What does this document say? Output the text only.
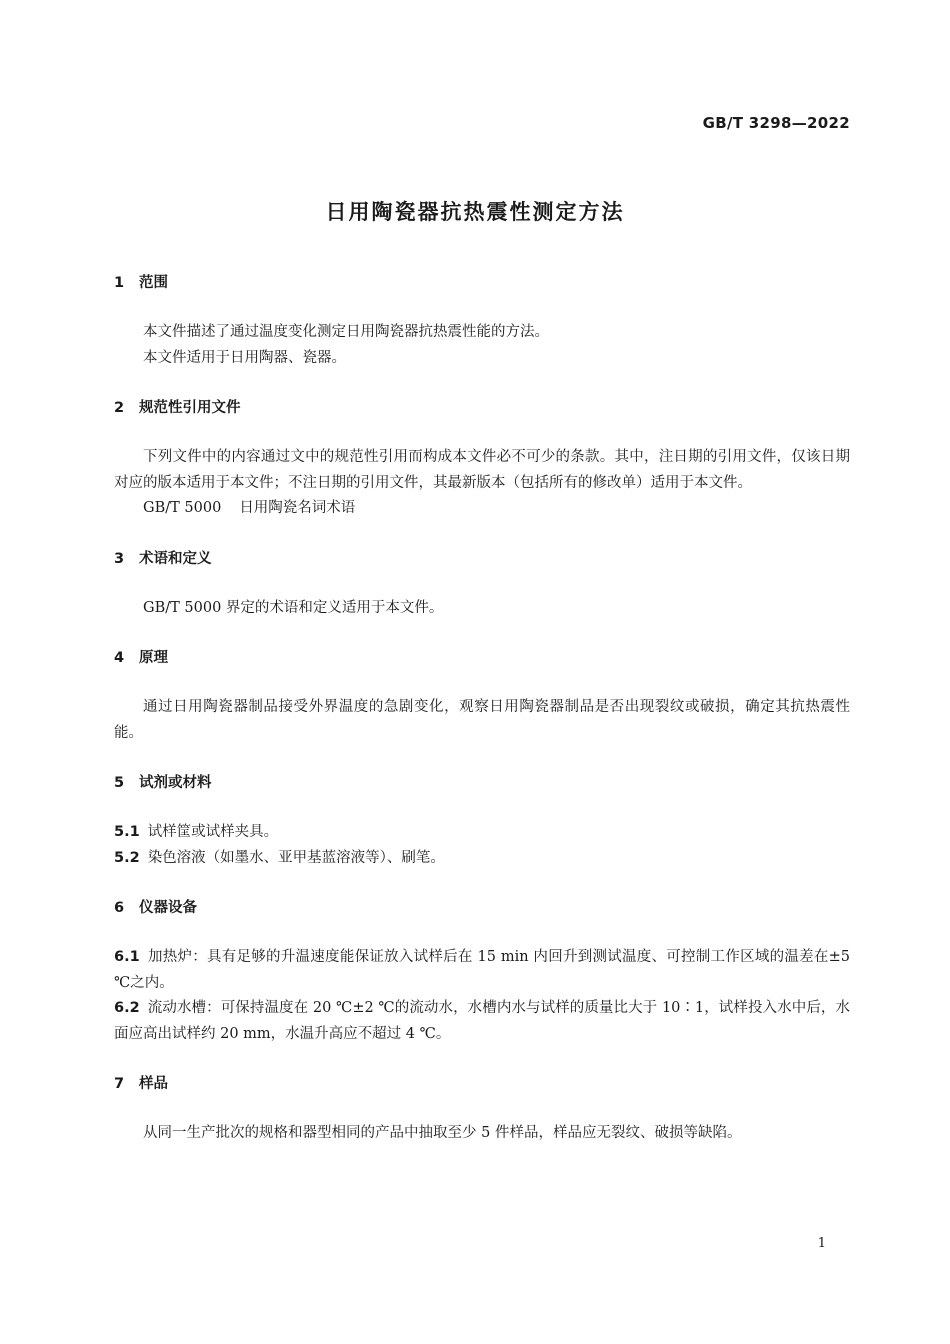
GB/T 3298—2022
日用陶瓷器抗热震性测定方法
1 范围

本文件描述了通过温度变化测定日用陶瓷器抗热震性能的方法。

本文件适用于日用陶器、瓷器。

2 规范性引用文件

下列文件中的内容通过文中的规范性引用而构成本文件必不可少的条款。其中，注日期的引用文件，仅该日期对应的版本适用于本文件；不注日期的引用文件，其最新版本（包括所有的修改单）适用于本文件。

GB/T 5000 日用陶瓷名词术语

3 术语和定义

GB/T 5000 界定的术语和定义适用于本文件。

4 原理

通过日用陶瓷器制品接受外界温度的急剧变化，观察日用陶瓷器制品是否出现裂纹或破损，确定其抗热震性能。

5 试剂或材料

5.1 试样筐或试样夹具。

5.2 染色溶液（如墨水、亚甲基蓝溶液等）、刷笔。

6 仪器设备

6.1 加热炉：具有足够的升温速度能保证放入试样后在 15 min 内回升到测试温度、可控制工作区域的温差在±5 ℃之内。

6.2 流动水槽：可保持温度在 20 ℃±2 ℃的流动水，水槽内水与试样的质量比大于 10∶1，试样投入水中后，水面应高出试样约 20 mm，水温升高应不超过 4 ℃。

7 样品

从同一生产批次的规格和器型相同的产品中抽取至少 5 件样品，样品应无裂纹、破损等缺陷。

1
